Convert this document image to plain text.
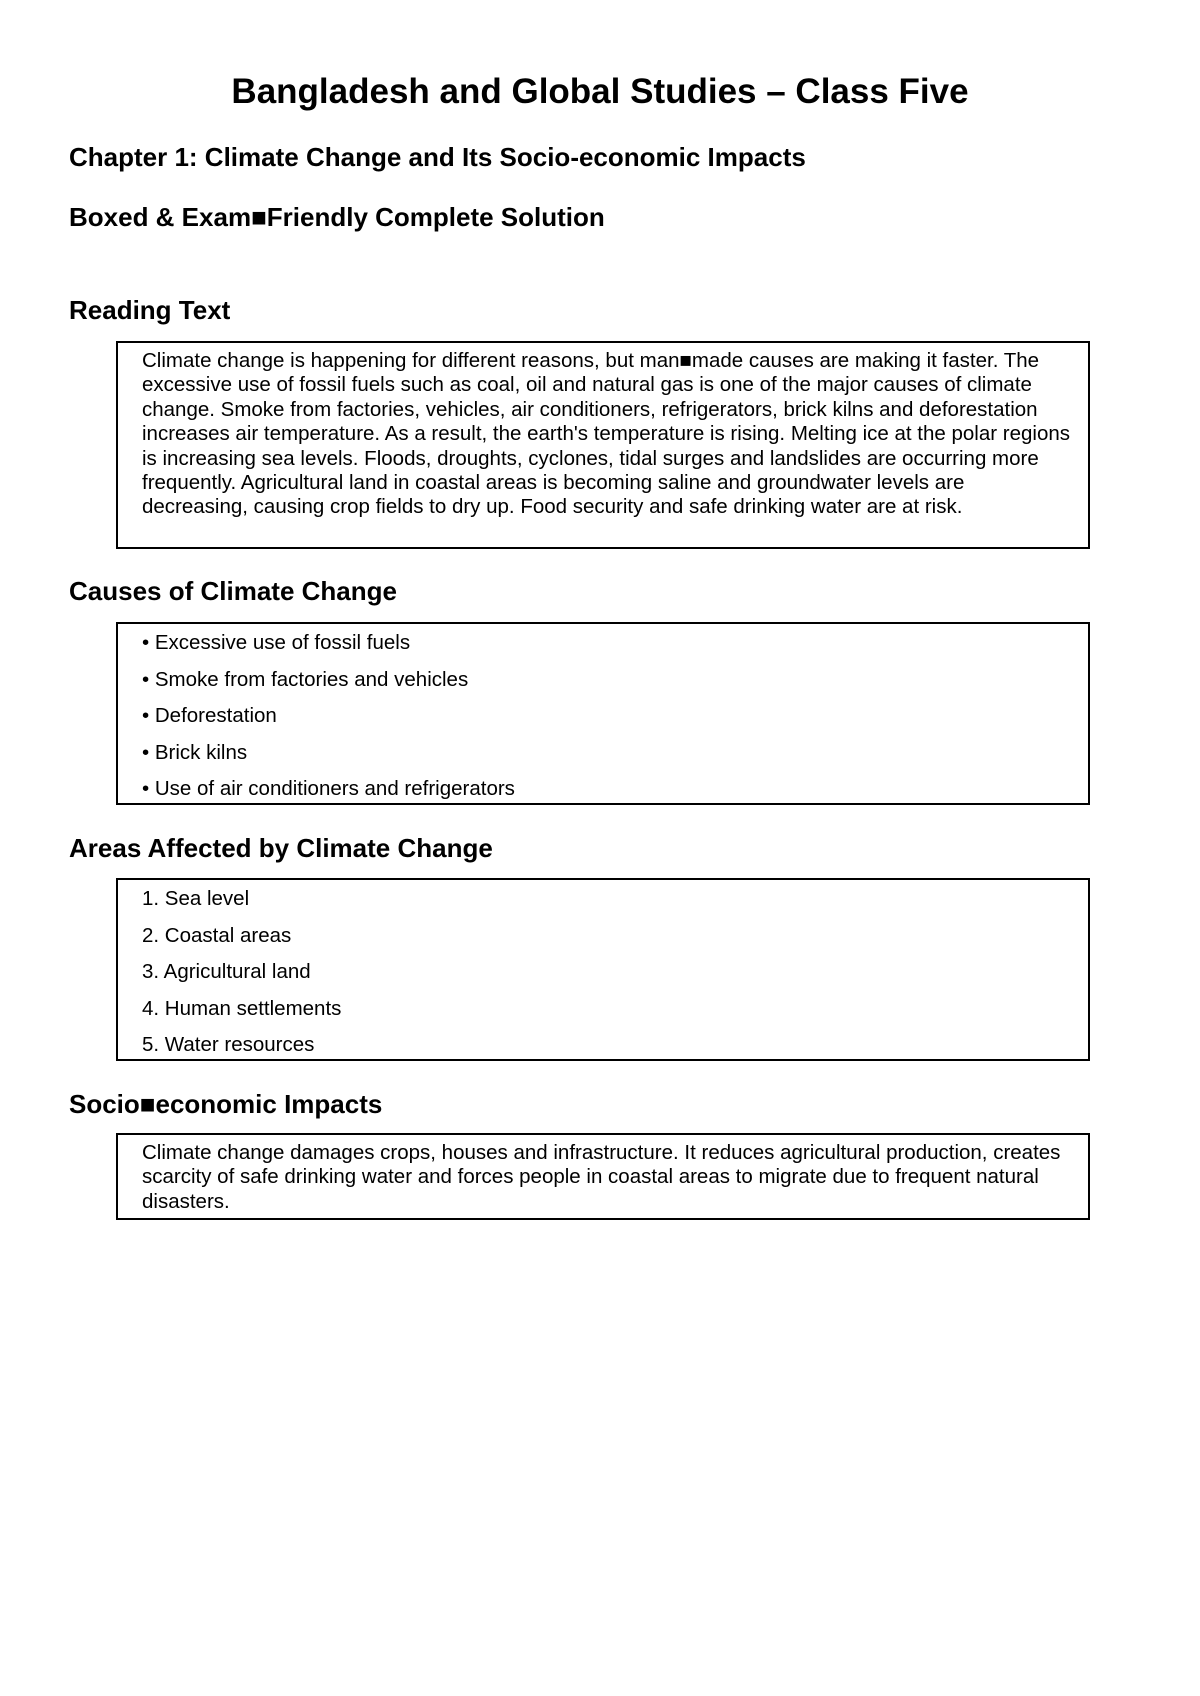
Bangladesh and Global Studies – Class Five
Chapter 1: Climate Change and Its Socio-economic Impacts
Boxed & Exam■Friendly Complete Solution
Reading Text
Climate change is happening for different reasons, but man■made causes are making it faster. The excessive use of fossil fuels such as coal, oil and natural gas is one of the major causes of climate change. Smoke from factories, vehicles, air conditioners, refrigerators, brick kilns and deforestation increases air temperature. As a result, the earth's temperature is rising. Melting ice at the polar regions is increasing sea levels. Floods, droughts, cyclones, tidal surges and landslides are occurring more frequently. Agricultural land in coastal areas is becoming saline and groundwater levels are decreasing, causing crop fields to dry up. Food security and safe drinking water are at risk.
Causes of Climate Change
• Excessive use of fossil fuels
• Smoke from factories and vehicles
• Deforestation
• Brick kilns
• Use of air conditioners and refrigerators
Areas Affected by Climate Change
1. Sea level
2. Coastal areas
3. Agricultural land
4. Human settlements
5. Water resources
Socio■economic Impacts
Climate change damages crops, houses and infrastructure. It reduces agricultural production, creates scarcity of safe drinking water and forces people in coastal areas to migrate due to frequent natural disasters.
